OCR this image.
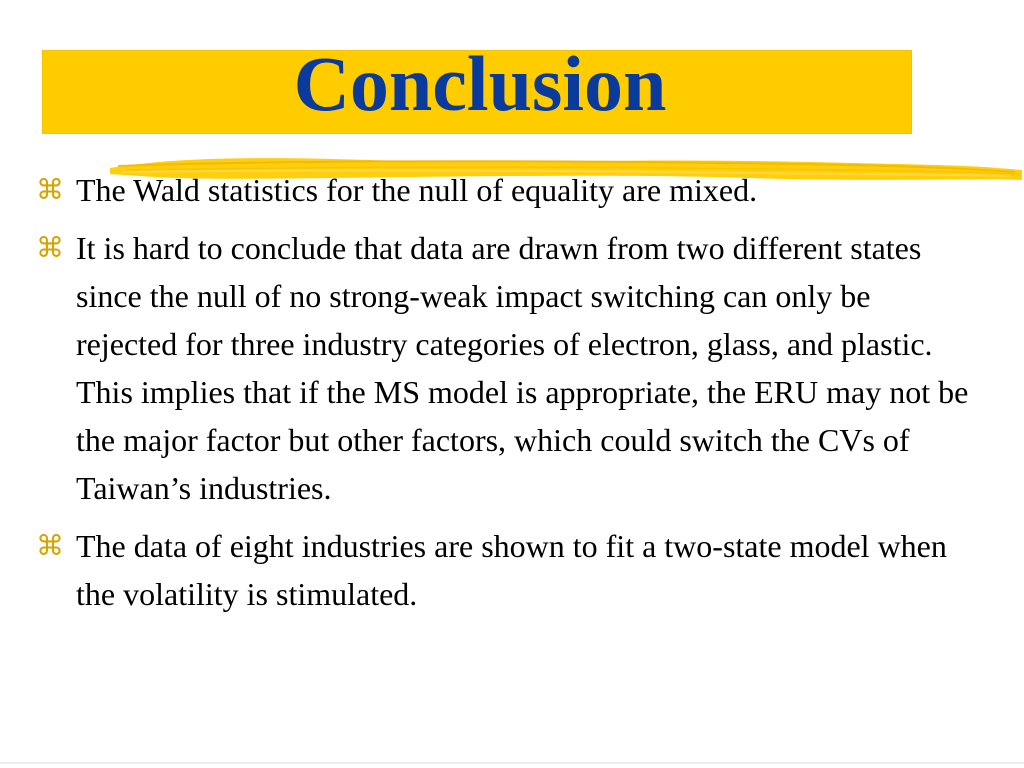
Conclusion
⌘ The Wald statistics for the null of equality are mixed.
⌘ It is hard to conclude that data are drawn from two different states since the null of no strong-weak impact switching can only be rejected for three industry categories of electron, glass, and plastic. This implies that if the MS model is appropriate, the ERU may not be the major factor but other factors, which could switch the CVs of Taiwan’s industries.
⌘ The data of eight industries are shown to fit a two-state model when the volatility is stimulated.
